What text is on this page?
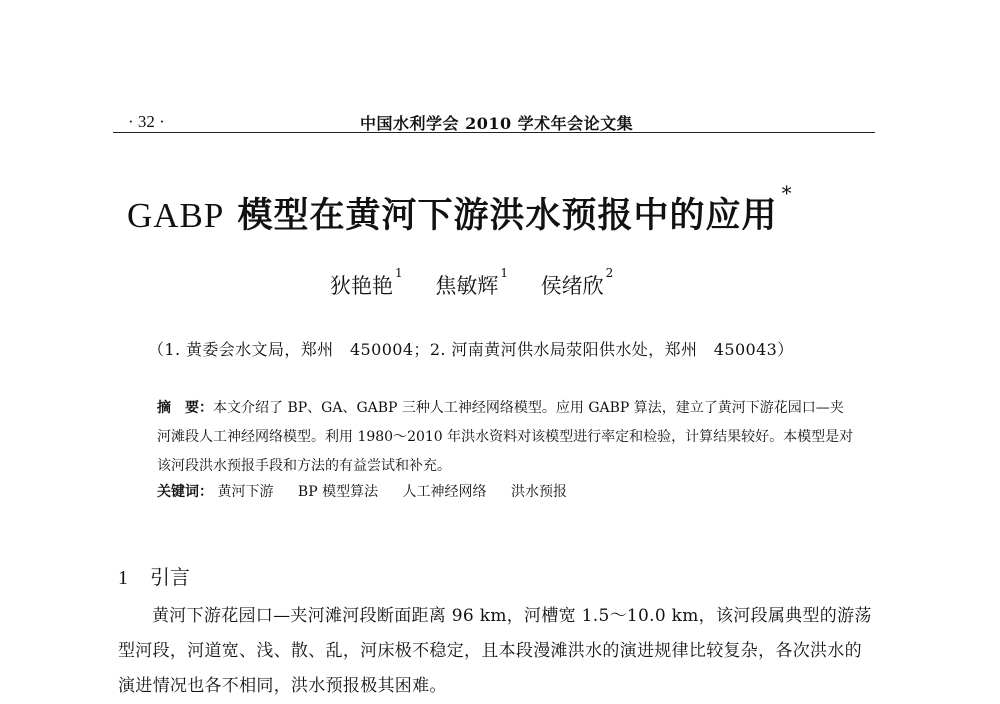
· 32 ·	中国水利学会 2010 学术年会论文集
GABP 模型在黄河下游洪水预报中的应用*
狄艳艳$^1$ 焦敏辉$^1$ 侯绪欣$^2$
（1. 黄委会水文局，郑州　450004；2. 河南黄河供水局荥阳供水处，郑州　450043）
摘　要：本文介绍了 BP、GA、GABP 三种人工神经网络模型。应用 GABP 算法，建立了黄河下游花园口—夹河滩段人工神经网络模型。利用 1980～2010 年洪水资料对该模型进行率定和检验，计算结果较好。本模型是对该河段洪水预报手段和方法的有益尝试和补充。
关键词： 黄河下游 BP 模型算法 人工神经网络 洪水预报
1 引言
黄河下游花园口—夹河滩河段断面距离 96 km，河槽宽 1.5～10.0 km，该河段属典型的游荡型河段，河道宽、浅、散、乱，河床极不稳定，且本段漫滩洪水的演进规律比较复杂，各次洪水的演进情况也各不相同，洪水预报极其困难。
